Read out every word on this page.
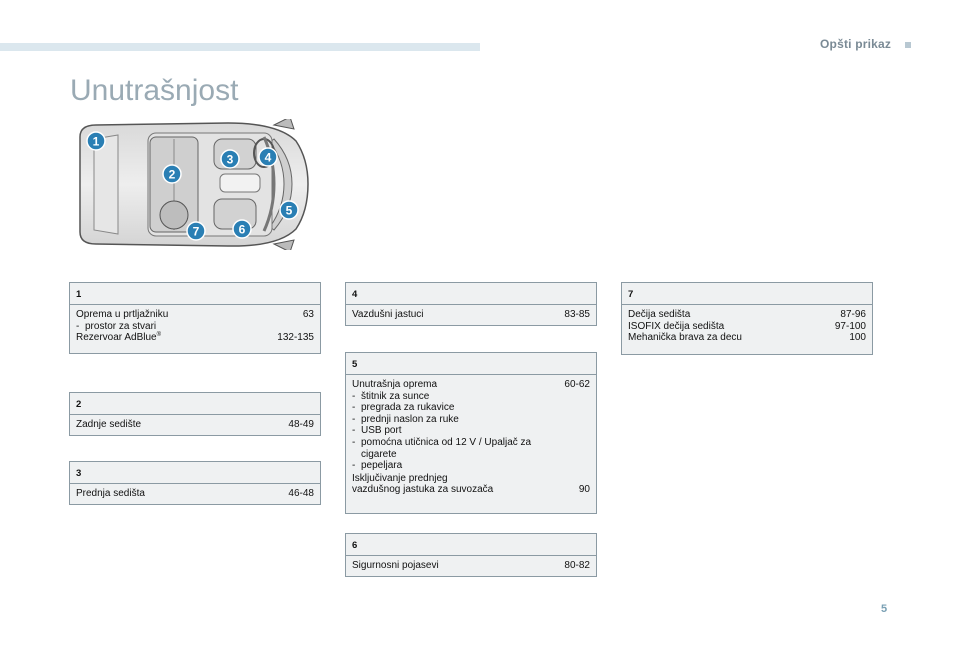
Opšti prikaz
Unutrašnjost
1
2
3	4
5
6
7
1
Oprema u prtljažniku	63
- prostor za stvari
Rezervoar AdBlue®	132-135
2
Zadnje sedište	48-49
3
Prednja sedišta	46-48
4
Vazdušni jastuci	83-85
5
Unutrašnja oprema	60-62
- štitnik za sunce
- pregrada za rukavice
- prednji naslon za ruke
- USB port
- pomoćna utičnica od 12 V / Upaljač za
cigarete
- pepeljara
Isključivanje prednjeg
vazdušnog jastuka za suvozača	90
6
Sigurnosni pojasevi	80-82
7
Dečija sedišta	87-96
ISOFIX dečija sedišta	97-100
Mehanička brava za decu	100
5
